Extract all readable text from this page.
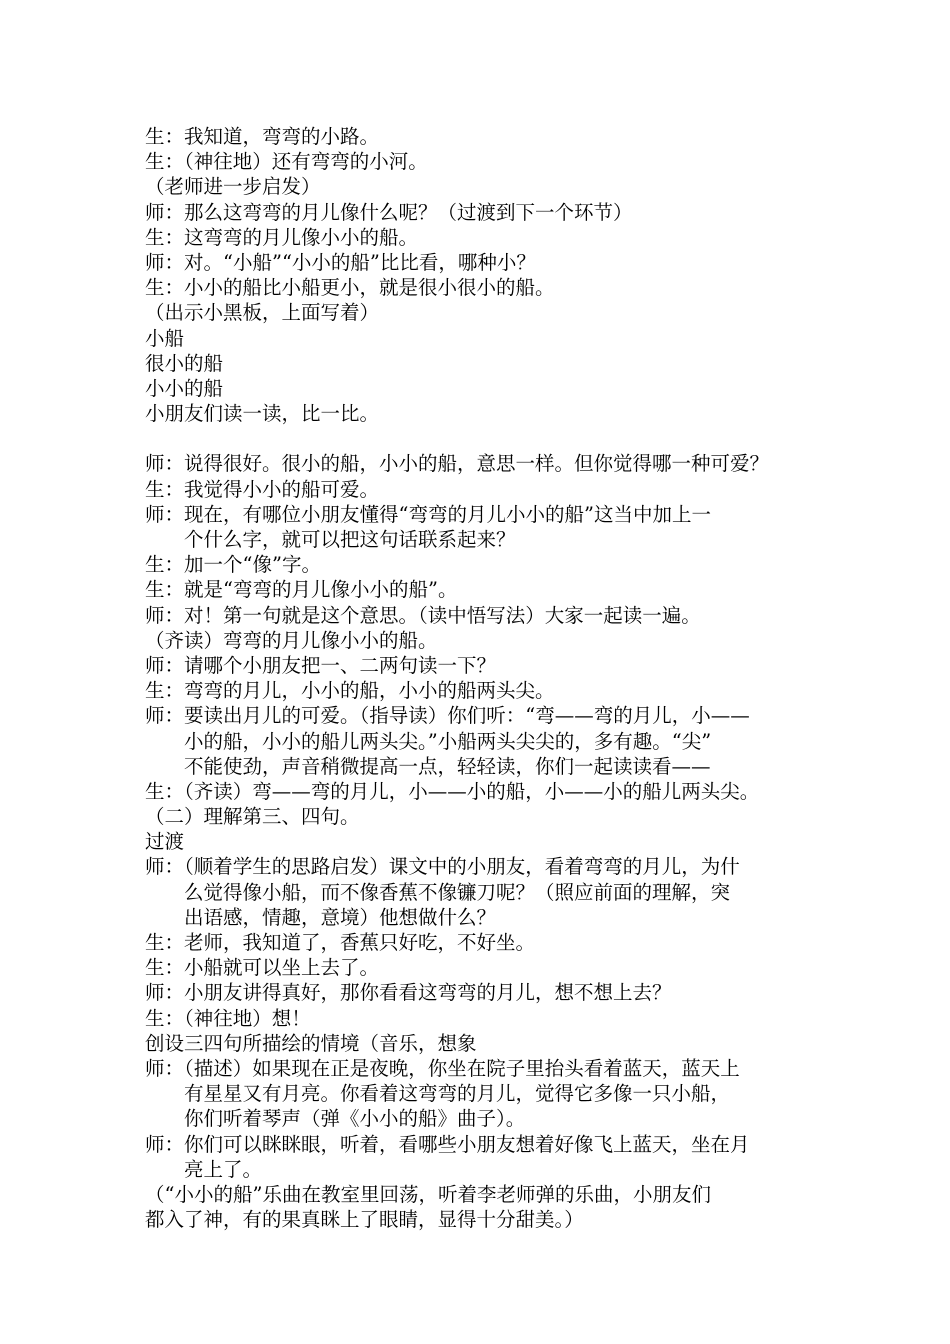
生：我知道，弯弯的小路。
生：（神往地）还有弯弯的小河。
（老师进一步启发）
师：那么这弯弯的月儿像什么呢？（过渡到下一个环节）
生：这弯弯的月儿像小小的船。
师：对。“小船”“小小的船”比比看，哪种小？
生：小小的船比小船更小，就是很小很小的船。
（出示小黑板，上面写着）
小船
很小的船
小小的船
小朋友们读一读，比一比。
师：说得很好。很小的船，小小的船，意思一样。但你觉得哪一种可爱？
生：我觉得小小的船可爱。
师：现在，有哪位小朋友懂得“弯弯的月儿小小的船”这当中加上一
个什么字，就可以把这句话联系起来？
生：加一个“像”字。
生：就是“弯弯的月儿像小小的船”。
师：对！第一句就是这个意思。（读中悟写法）大家一起读一遍。
（齐读）弯弯的月儿像小小的船。
师：请哪个小朋友把一、二两句读一下？
生：弯弯的月儿，小小的船，小小的船两头尖。
师：要读出月儿的可爱。（指导读）你们听：“弯——弯的月儿，小——
小的船，小小的船儿两头尖。”小船两头尖尖的，多有趣。“尖”
不能使劲，声音稍微提高一点，轻轻读，你们一起读读看——
生：（齐读）弯——弯的月儿，小——小的船，小——小的船儿两头尖。
（二）理解第三、四句。
过渡
师：（顺着学生的思路启发）课文中的小朋友，看着弯弯的月儿，为什
么觉得像小船，而不像香蕉不像镰刀呢？（照应前面的理解，突
出语感，情趣，意境）他想做什么？
生：老师，我知道了，香蕉只好吃，不好坐。
生：小船就可以坐上去了。
师：小朋友讲得真好，那你看看这弯弯的月儿，想不想上去？
生：（神往地）想！
创设三四句所描绘的情境（音乐，想象
师：（描述）如果现在正是夜晚，你坐在院子里抬头看着蓝天，蓝天上
有星星又有月亮。你看着这弯弯的月儿，觉得它多像一只小船，
你们听着琴声（弹《小小的船》曲子）。
师：你们可以眯眯眼，听着，看哪些小朋友想着好像飞上蓝天，坐在月
亮上了。
（“小小的船”乐曲在教室里回荡，听着李老师弹的乐曲，小朋友们
都入了神，有的果真眯上了眼睛，显得十分甜美。）
